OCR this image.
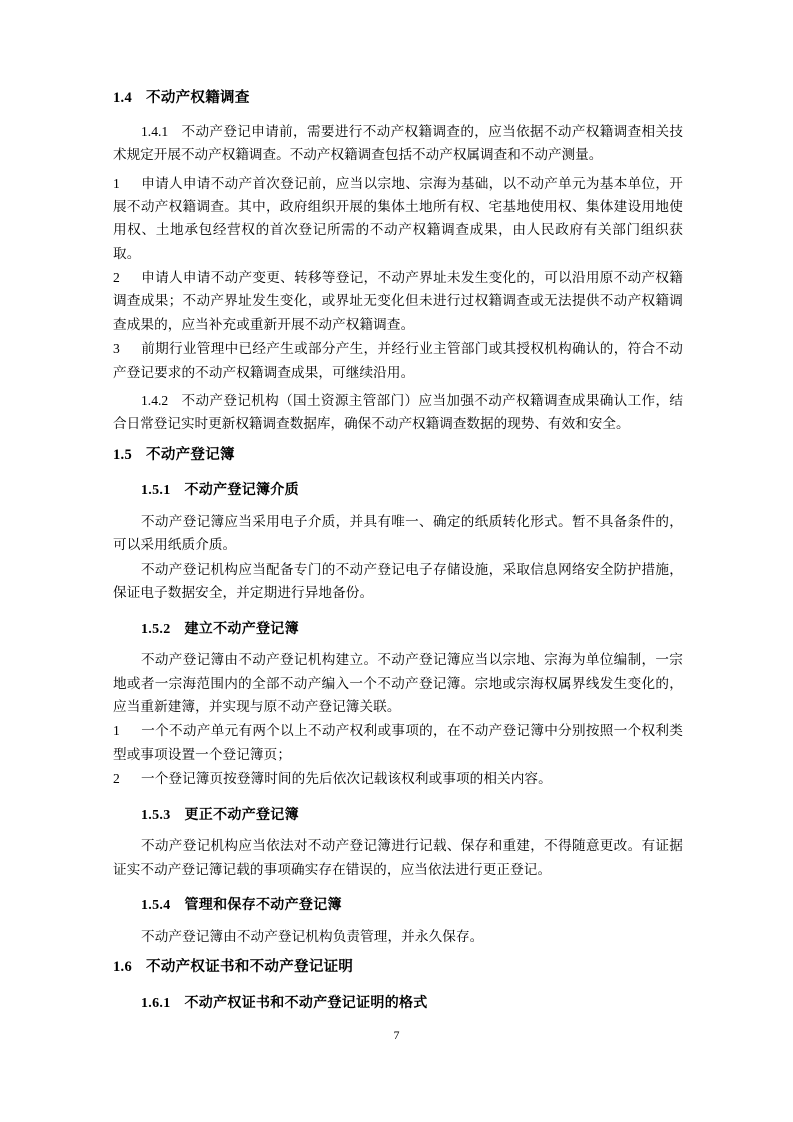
1.4 不动产权籍调查
1.4.1 不动产登记申请前，需要进行不动产权籍调查的，应当依据不动产权籍调查相关技术规定开展不动产权籍调查。不动产权籍调查包括不动产权属调查和不动产测量。
1 申请人申请不动产首次登记前，应当以宗地、宗海为基础，以不动产单元为基本单位，开展不动产权籍调查。其中，政府组织开展的集体土地所有权、宅基地使用权、集体建设用地使用权、土地承包经营权的首次登记所需的不动产权籍调查成果，由人民政府有关部门组织获取。
2 申请人申请不动产变更、转移等登记，不动产界址未发生变化的，可以沿用原不动产权籍调查成果；不动产界址发生变化，或界址无变化但未进行过权籍调查或无法提供不动产权籍调查成果的，应当补充或重新开展不动产权籍调查。
3 前期行业管理中已经产生或部分产生，并经行业主管部门或其授权机构确认的，符合不动产登记要求的不动产权籍调查成果，可继续沿用。
1.4.2 不动产登记机构（国土资源主管部门）应当加强不动产权籍调查成果确认工作，结合日常登记实时更新权籍调查数据库，确保不动产权籍调查数据的现势、有效和安全。
1.5 不动产登记簿
1.5.1 不动产登记簿介质
不动产登记簿应当采用电子介质，并具有唯一、确定的纸质转化形式。暂不具备条件的，可以采用纸质介质。
不动产登记机构应当配备专门的不动产登记电子存储设施，采取信息网络安全防护措施，保证电子数据安全，并定期进行异地备份。
1.5.2 建立不动产登记簿
不动产登记簿由不动产登记机构建立。不动产登记簿应当以宗地、宗海为单位编制，一宗地或者一宗海范围内的全部不动产编入一个不动产登记簿。宗地或宗海权属界线发生变化的，应当重新建簿，并实现与原不动产登记簿关联。
1 一个不动产单元有两个以上不动产权利或事项的，在不动产登记簿中分别按照一个权利类型或事项设置一个登记簿页；
2 一个登记簿页按登簿时间的先后依次记载该权利或事项的相关内容。
1.5.3 更正不动产登记簿
不动产登记机构应当依法对不动产登记簿进行记载、保存和重建，不得随意更改。有证据证实不动产登记簿记载的事项确实存在错误的，应当依法进行更正登记。
1.5.4 管理和保存不动产登记簿
不动产登记簿由不动产登记机构负责管理，并永久保存。
1.6 不动产权证书和不动产登记证明
1.6.1 不动产权证书和不动产登记证明的格式
7
